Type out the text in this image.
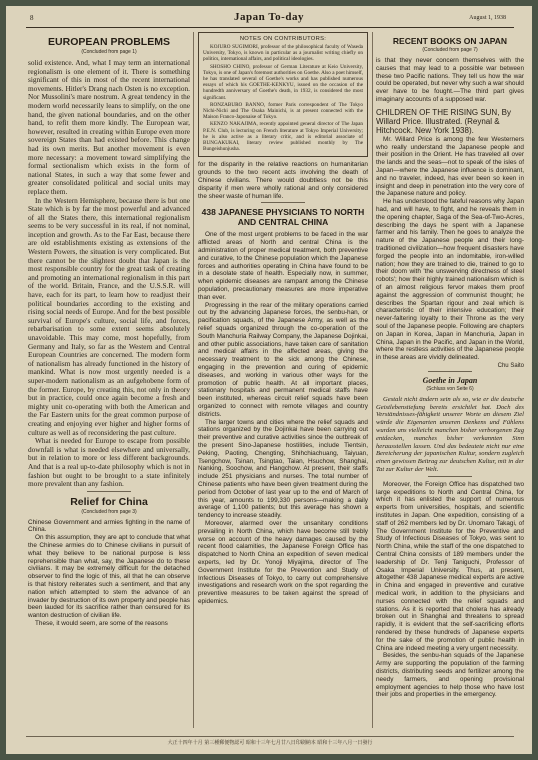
8	Japan To-day	August 1, 1938
EUROPEAN PROBLEMS
(Concluded from page 1)

solid existence. And, what I may term an international regionalism is one element of it. There is something significant of this in most of the recent international movements. Hitler's Drang nach Osten is no exception. Nor Mussolini's mare nostrum. A great tendency in the modern world necessarily leans to simplify, on the one hand, the given national boundaries, and on the other hand, to refit them more kindly. The European war, however, resulted in creating within Europe even more sovereign States than had existed before. This change had its own merits. But another movement is even more necessary: a movement toward simplifying the formal sectionalism which exists in the form of national States, in such a way that some fewer and greater consolidated political and social units may replace them.

In the Western Hemisphere, because there is but one State which is by far the most powerful and advanced of all the States there, this international regionalism seems to be very successful in its real, if not nominal, inception and growth. As to the Far East, because there are old establishments existing as extensions of the Western Powers, the situation is very complicated. But there cannot be the slightest doubt that Japan is the most responsible country for the great task of creating and promoting an international regionalism in this part of the world. Britain, France, and the U.S.S.R. will have, each for its part, to learn how to readjust their political boundaries according to the existing and rising social needs of Europe. And for the best possible survival of Europe's culture, social life, and forces, rebarbarisation to some extent seems absolutely unavoidable. This may come, most hopefully, from Germany and Italy, so far as the Western and Central European Countries are concerned. The modern form of nationalism has already functioned in the history of mankind. What is now most urgently needed is a super-modern nationalism as an aufgehobene form of the former. Europe, by creating this, not only in theory but in practice, could once again become a fresh and mighty unit co-operating with both the American and the Far Eastern units for the great common purpose of creating and enjoying ever higher and higher forms of culture as well as of reconsidering the past culture.

What is needed for Europe to escape from possible downfall is what is needed elsewhere and universally, but in relation to more or less different backgrounds. And that is a real up-to-date philosophy which is not in fashion but ought to be brought to a state infinitely more prevalent than any fashion.

Relief for China
(Concluded from page 3)

Chinese Government and armies fighting in the name of China.

On this assumption, they are apt to conclude that what the Chinese armies do to Chinese civilians in pursuit of what they believe to be national purpose is less reprehensible than what, say, the Japanese do to these civilians. It may be extremely difficult for the detached observer to find the logic of this, all that he can observe is that history reiterates such a sentiment, and that any nation which attempted to stem the advance of an invader by destruction of its own property and people has been lauded for its sacrifice rather than censured for its wanton destruction of civilian life.

These, it would seem, are some of the reasons

NOTES ON CONTRIBUTORS:

KOJURO SUGIMORI, professor of the philosophical faculty of Waseda University, Tokyo, is known in particular as a journalist writing chiefly on politics, international affairs, and political ideologies.

SHOSHO CHINO, professor of German Literature at Keio University, Tokyo, is one of Japan's foremost authorities on Goethe. Also a poet himself, he has translated several of Goethe's works and has published numerous essays of which his GOETHE-KENKYU, issued on the occasion of the hundredth anniversary of Goethe's death, in 1932, is considered the most significant.

RONZABURO BANNO, former Paris correspondent of The Tokyo Nichi-Nichi and The Osaka Mainichi, is at present connected with the Maison Franco-Japonaise of Tokyo.

KENZO NAKAJIMA, recently appointed general director of The Japan P.E.N. Club, is lecturing on French literature at Tokyo Imperial University; he is also active as a literary critic, and is editorial associate of BUNGAKUKAI, literary review published monthly by The Bungeishunjusha.

for the disparity in the relative reactions on humanitarian grounds to the two recent acts involving the death of Chinese civilians. There would doubtless not be this disparity if men were wholly rational and only considered the sheer waste of human life.

438 JAPANESE PHYSICIANS TO NORTH AND CENTRAL CHINA

One of the most urgent problems to be faced in the war afflicted areas of North and central China is the administration of proper medical treatment, both preventive and curative, to the Chinese population which the Japanese forces and authorities operating in China have found to be in a desolate state of health. Especially now, in summer, when epidemic diseases are rampant among the Chinese population, precautionary measures are more imperative than ever.

Progressing in the rear of the military operations carried out by the advancing Japanese forces, the senbu-han, or pacification squads, of the Japanese Army, as well as the relief squads organized through the co-operation of the South Manchuria Railway Company, the Japanese Dojinkai, and other public associations, have taken care of sanitation and medical affairs in the affected areas, giving the necessary treatment to the sick among the Chinese, engaging in the prevention and curing of epidemic diseases, and working in various other ways for the promotion of public health. At all important places, stationary hospitals and permanent medical staffs have been instituted, whereas circuit relief squads have been organized to connect with remote villages and country districts.

The larger towns and cities where the relief squads and stations organized by the Dojinkai have been carrying out their preventive and curative activities since the outbreak of the present Sino-Japanese hostilities, include Tientsin, Peking, Paoting, Chengting, Shihchiachuang, Taiyuan, Tsengchow, Tsinan, Tsingtao, Taian, Hsuchow, Shanghai, Nanking, Soochow, and Hangchow. At present, their staffs include 251 physicians and nurses. The total number of Chinese patients who have been given treatment during the period from October of last year up to the end of March of this year, amounts to 199,330 persons—making a daily average of 1,100 patients; but this average has shown a tendency to increase steadily.

Moreover, alarmed over the unsanitary conditions prevailing in North China, which have become still trebly worse on account of the heavy damages caused by the recent flood calamities, the Japanese Foreign Office has dispatched to North China an expedition of seven medical experts, led by Dr. Yonoji Miyajima, director of The Government Institute for the Prevention and Study of Infectious Diseases of Tokyo, to carry out comprehensive investigations and research work on the spot regarding the preventive measures to be taken against the spread of epidemics.

RECENT BOOKS ON JAPAN
(Concluded from page 7)

is that they never concern themselves with the causes that may lead to a possible war between these two Pacific nations. They tell us how the war could be operated, but never why such a war should ever have to be fought.—The third part gives imaginary accounts of a supposed war.

CHILDREN OF THE RISING SUN, By Willard Price. Illustrated. (Reynal & Hitchcock. New York 1938).

Mr. Willard Price is among the few Westerners who really understand the Japanese people and their position in the Orient. He has traveled all over the lands and the seas—not to speak of the isles of Japan—where the Japanese influence is dominant, and no traveler, indeed, has ever been so keen in insight and deep in penetration into the very core of the Japanese nature and policy.

He has understood the fateful reasons why Japan had, and will have, to fight, and he reveals them in the opening chapter, Saga of the Sea-of-Two-Acres, describing the days he spent with a Japanese farmer and his family. Then he goes to analyze the nature of the Japanese people and their long-traditioned civilization—how frequent disasters have forged the people into an indomitable, iron-willed nation; how they are trained to die, trained to go to their doom with 'the unswerving directness of steel robots'; how their highly trained nationalism which is of an almost religious fervor makes them proof against the aggression of communist thought; he describes the Spartan rigour and zeal which is characteristic of their intensive education; their never-faltering loyalty to their Throne as the very soul of the Japanese people. Following are chapters on Japan in Korea, Japan in Manchuria, Japan in China, Japan in the Pacific, and Japan in the World, where the restless activities of the Japanese people in these areas are vividly delineated.

Chu Saito
Goethe in Japan
(Schluss von Seite 6)

Gestalt nicht ändern sein als so, wie er die deutsche Geistlebenstiefung bereits ersichtlet hat. Doch des Verständnisses-fähigkeit unserer Worte an diesem Ziel würde die Eigenarten unseren Denkens und Fühlens wurden uns vielleicht manchen bisher verborgenen Zug entdecken, manches bisher verkannten Sinn herausstellen lassen. Und das bedeutete nicht nur eine Bereicherung der japanischen Kultur, sondern zugleich einen gewissen Beitrag zur deutschen Kultur, mit in der Tat zur Kultur der Welt.

Moreover, the Foreign Office has dispatched two large expeditions to North and Central China, for which it has enlisted the support of numerous experts from universities, hospitals, and scientific institutes in Japan. One expedition, consisting of a staff of 262 members led by Dr. Unomaro Takagi, of The Government Institute for the Preventive and Study of Infectious Diseases of Tokyo, was sent to North China, while the staff of the one dispatched to Central China consists of 189 members under the leadership of Dr. Tenji Taniguchi, Professor of Osaka Imperial University. Thus, at present, altogether 438 Japanese medical experts are active in China and engaged in preventive and curative medical work, in addition to the physicians and nurses connected with the relief squads and stations. As it is reported that cholera has already broken out in Shanghai and threatens to spread rapidly, it is evident that the self-sacrificing efforts rendered by these hundreds of Japanese experts for the sake of the promotion of public health in China are indeed meeting a very urgent necessity.

Besides, the senbu-han squads of the Japanese Army are supporting the population of the farming districts, distributing seeds and fertilizer among the needy farmers, and opening provisional employment agencies to help those who have lost their jobs and properties in the emergency.

大正十四年十月 第三種郵便物認可 昭和十三年七月廿八日印刷納本 昭和十三年八月一日發行
